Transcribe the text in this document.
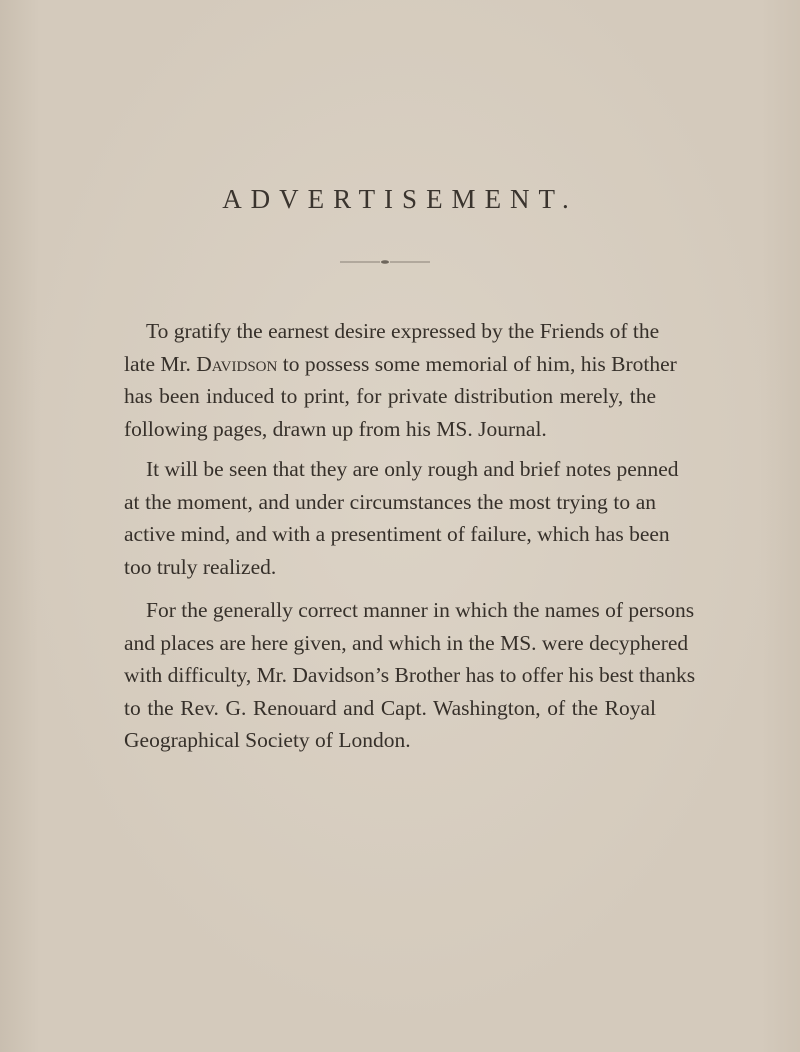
ADVERTISEMENT.
To gratify the earnest desire expressed by the Friends of the
late Mr. Davidson to possess some memorial of him, his Brother
has been induced to print, for private distribution merely, the
following pages, drawn up from his MS. Journal.
It will be seen that they are only rough and brief notes penned
at the moment, and under circumstances the most trying to an
active mind, and with a presentiment of failure, which has been
too truly realized.
For the generally correct manner in which the names of persons
and places are here given, and which in the MS. were decyphered
with difficulty, Mr. Davidson’s Brother has to offer his best thanks
to the Rev. G. Renouard and Capt. Washington, of the Royal
Geographical Society of London.
